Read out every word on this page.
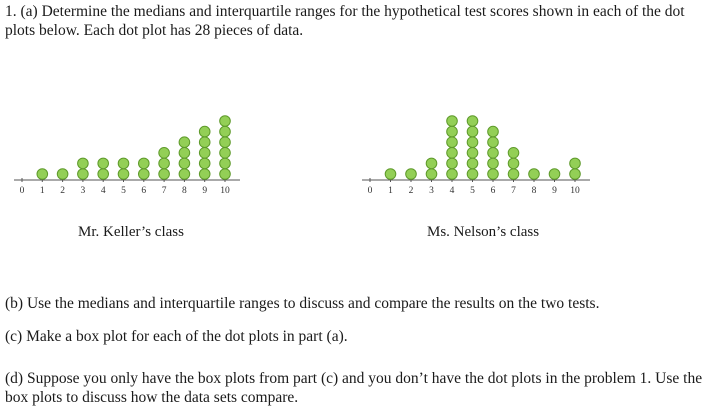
1. (a) Determine the medians and interquartile ranges for the hypothetical test scores shown in each of the dot plots below. Each dot plot has 28 pieces of data.

0 1 2 3 4 5 6 7 8 9 10	0 1 2 3 4 5 6 7 8 9 10
Mr. Keller’s class	Ms. Nelson’s class

(b) Use the medians and interquartile ranges to discuss and compare the results on the two tests.

(c) Make a box plot for each of the dot plots in part (a).

(d) Suppose you only have the box plots from part (c) and you don’t have the dot plots in the problem 1. Use the box plots to discuss how the data sets compare.
